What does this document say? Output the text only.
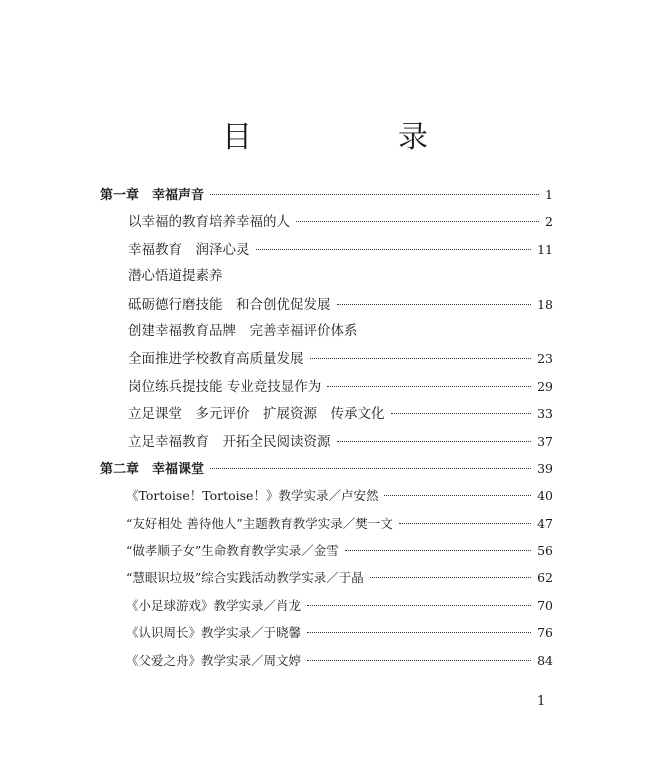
目　录
第一章　幸福声音	1
以幸福的教育培养幸福的人	2
幸福教育　润泽心灵	11
潜心悟道提素养
砥砺德行磨技能　和合创优促发展	18
创建幸福教育品牌　完善幸福评价体系
全面推进学校教育高质量发展	23
岗位练兵提技能 专业竞技显作为	29
立足课堂　多元评价　扩展资源　传承文化	33
立足幸福教育　开拓全民阅读资源	37
第二章　幸福课堂	39
《Tortoise！Tortoise！》教学实录／卢安然	40
“友好相处 善待他人”主题教育教学实录／樊一文	47
“做孝顺子女”生命教育教学实录／金雪	56
“慧眼识垃圾”综合实践活动教学实录／于晶	62
《小足球游戏》教学实录／肖龙	70
《认识周长》教学实录／于晓馨	76
《父爱之舟》教学实录／周文婷	84
1
